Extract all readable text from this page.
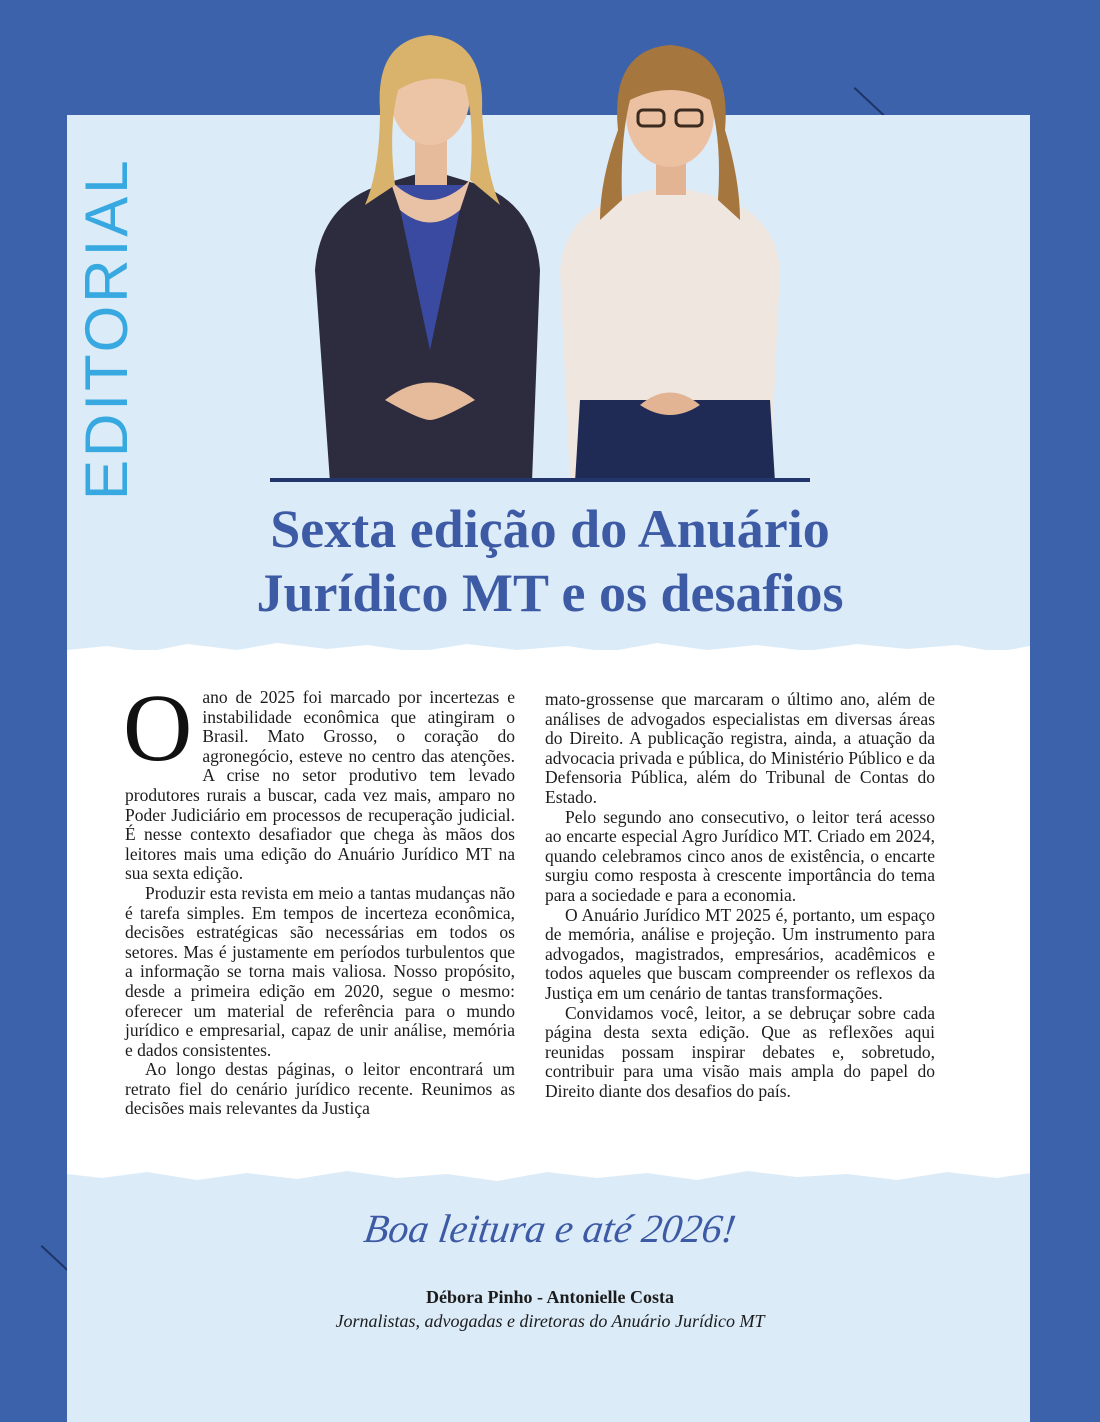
EDITORIAL
Sexta edição do Anuário
Jurídico MT e os desafios

Oano de 2025 foi marcado por incertezas e instabilidade econômica que atingiram o Brasil. Mato Grosso, o coração do agronegócio, esteve no centro das atenções. A crise no setor produtivo tem levado produtores rurais a buscar, cada vez mais, amparo no Poder Judiciário em processos de recuperação judicial. É nesse contexto desafiador que chega às mãos dos leitores mais uma edição do Anuário Jurídico MT na sua sexta edição.

Produzir esta revista em meio a tantas mudanças não é tarefa simples. Em tempos de incerteza econômica, decisões estratégicas são necessárias em todos os setores. Mas é justamente em períodos turbulentos que a informação se torna mais valiosa. Nosso propósito, desde a primeira edição em 2020, segue o mesmo: oferecer um material de referência para o mundo jurídico e empresarial, capaz de unir análise, memória e dados consistentes.

Ao longo destas páginas, o leitor encontrará um retrato fiel do cenário jurídico recente. Reunimos as decisões mais relevantes da Justiça

mato-grossense que marcaram o último ano, além de análises de advogados especialistas em diversas áreas do Direito. A publicação registra, ainda, a atuação da advocacia privada e pública, do Ministério Público e da Defensoria Pública, além do Tribunal de Contas do Estado.

Pelo segundo ano consecutivo, o leitor terá acesso ao encarte especial Agro Jurídico MT. Criado em 2024, quando celebramos cinco anos de existência, o encarte surgiu como resposta à crescente importância do tema para a sociedade e para a economia.

O Anuário Jurídico MT 2025 é, portanto, um espaço de memória, análise e projeção. Um instrumento para advogados, magistrados, empresários, acadêmicos e todos aqueles que buscam compreender os reflexos da Justiça em um cenário de tantas transformações.

Convidamos você, leitor, a se debruçar sobre cada página desta sexta edição. Que as reflexões aqui reunidas possam inspirar debates e, sobretudo, contribuir para uma visão mais ampla do papel do Direito diante dos desafios do país.

Boa leitura e até 2026!
Débora Pinho - Antonielle Costa
Jornalistas, advogadas e diretoras do Anuário Jurídico MT
